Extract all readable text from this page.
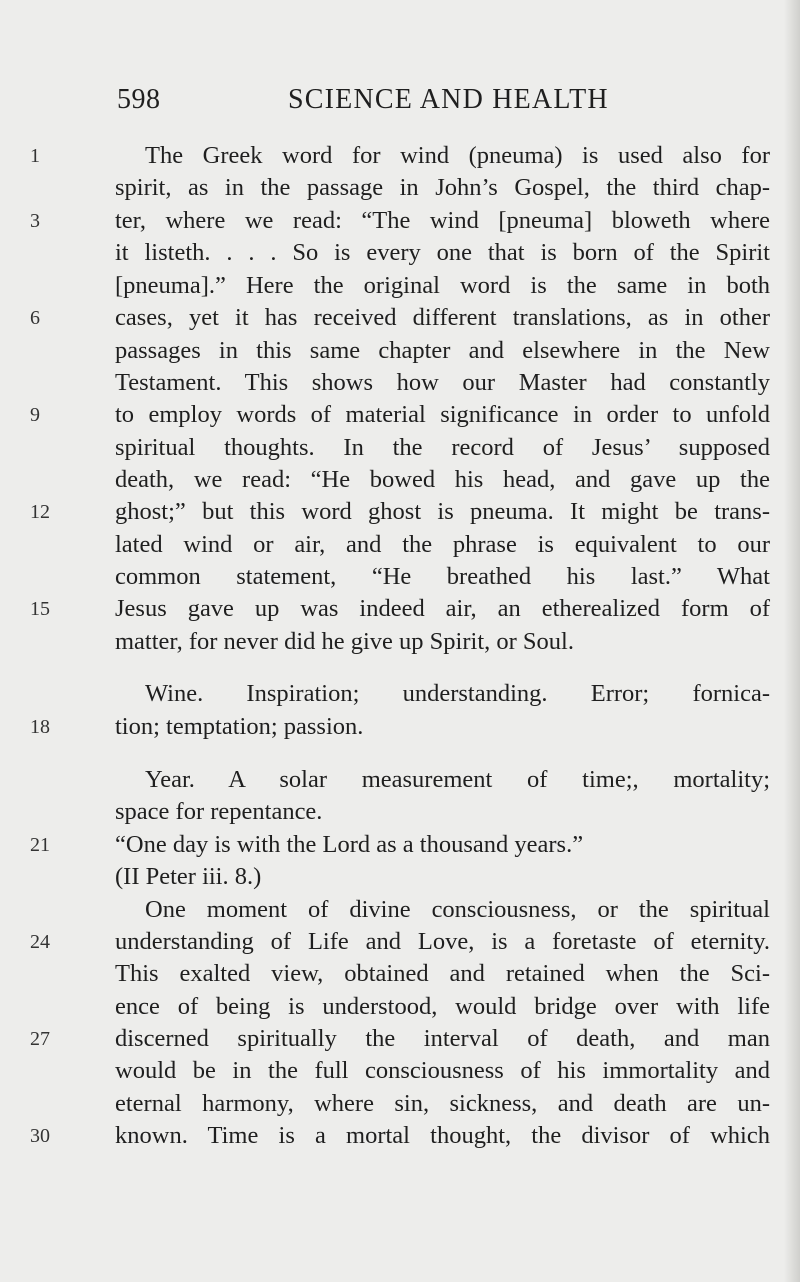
598	SCIENCE AND HEALTH
1
3
6
9
12
15
18
21
24
27
30
The Greek word for wind (pneuma) is used also for
spirit, as in the passage in John’s Gospel, the third chap-
ter, where we read: “The wind [pneuma] bloweth where
it listeth. . . . So is every one that is born of the Spirit
[pneuma].” Here the original word is the same in both
cases, yet it has received different translations, as in other
passages in this same chapter and elsewhere in the New
Testament. This shows how our Master had constantly
to employ words of material significance in order to unfold
spiritual thoughts. In the record of Jesus’ supposed
death, we read: “He bowed his head, and gave up the
ghost;” but this word ghost is pneuma. It might be trans-
lated wind or air, and the phrase is equivalent to our
common statement, “He breathed his last.” What
Jesus gave up was indeed air, an etherealized form of
matter, for never did he give up Spirit, or Soul.
Wine. Inspiration; understanding. Error; fornica-
tion; temptation; passion.
Year. A solar measurement of time;, mortality;
space for repentance.
“One day is with the Lord as a thousand years.”
(II Peter iii. 8.)
One moment of divine consciousness, or the spiritual
understanding of Life and Love, is a foretaste of eternity.
This exalted view, obtained and retained when the Sci-
ence of being is understood, would bridge over with life
discerned spiritually the interval of death, and man
would be in the full consciousness of his immortality and
eternal harmony, where sin, sickness, and death are un-
known. Time is a mortal thought, the divisor of which
